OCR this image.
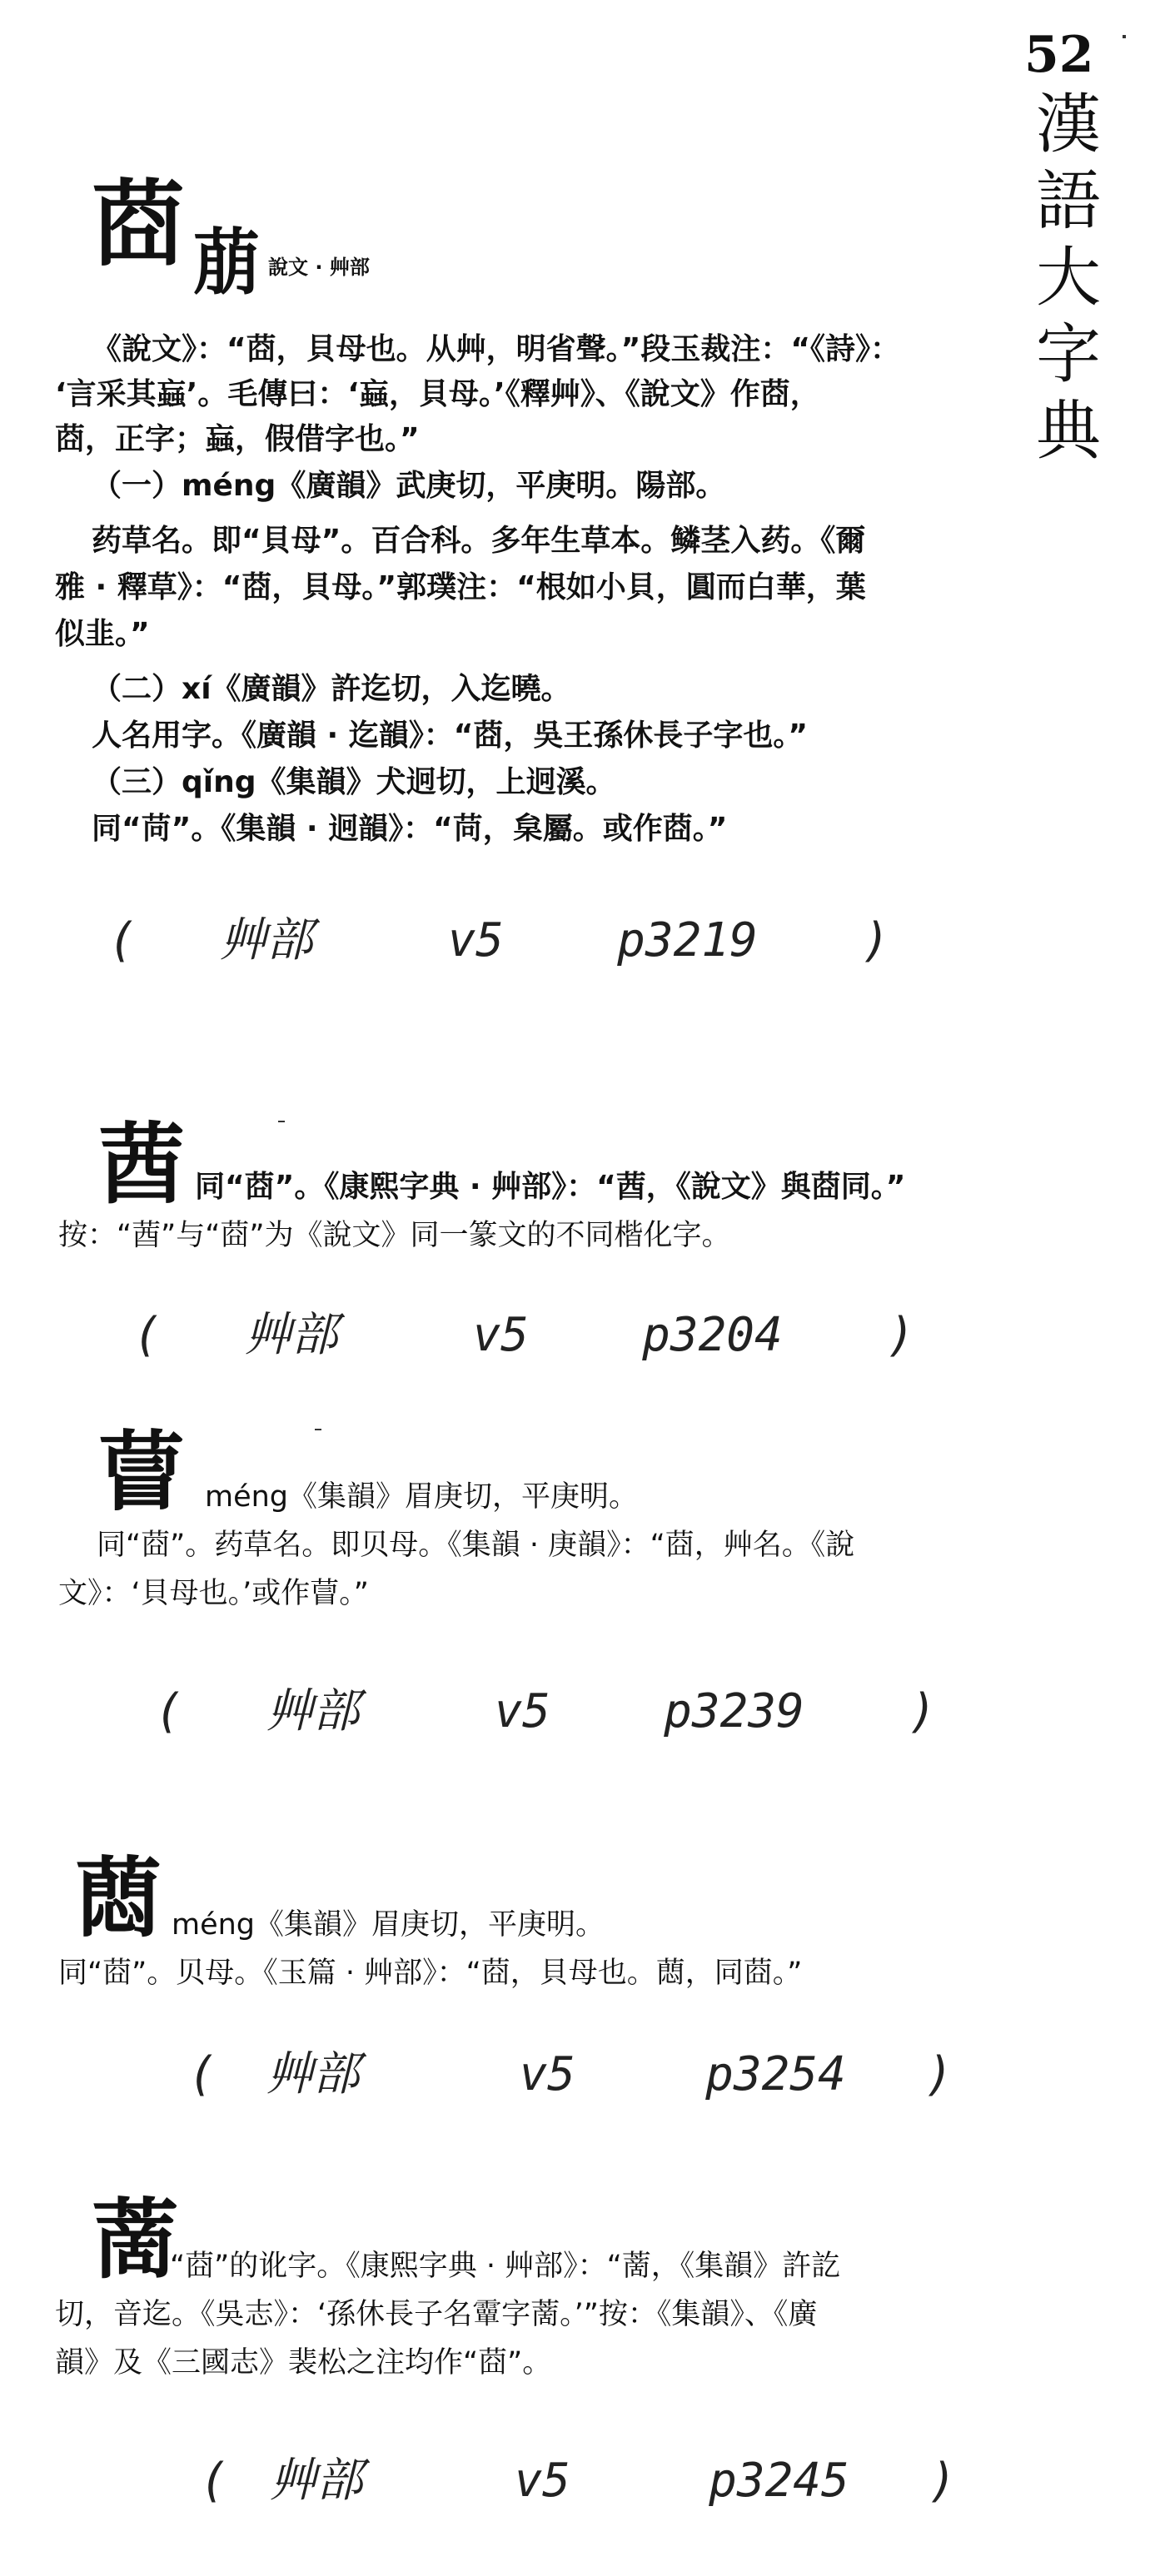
52
漢語大字典
莔 萠 說文 · 艸部
《說文》：“莔，貝母也。从艸，明省聲。”段玉裁注：“《詩》：
‘言采其蝱’。毛傳曰：‘蝱，貝母。’《釋艸》、《說文》作莔，
莔，正字；蝱，假借字也。”
（一）méng《廣韻》武庚切，平庚明。陽部。
药草名。即“貝母”。百合科。多年生草本。鳞茎入药。《爾
雅 · 釋草》：“莔，貝母。”郭璞注：“根如小貝，圓而白華，葉
似韭。”
（二）xí《廣韻》許迄切，入迄曉。
人名用字。《廣韻 · 迄韻》：“莔，吳王孫休長子字也。”
（三）qǐng《集韻》犬迥切，上迥溪。
同“苘”。《集韻 · 迥韻》：“苘，枲屬。或作莔。”
( 艸部	v5 p3219 )
莤 同“莔”。《康熙字典 · 艸部》：“莤，《說文》與莔同。”
按：“莤”与“莔”为《說文》同一篆文的不同楷化字。
( 艸部	v5 p3204 )
萺 méng《集韻》眉庚切，平庚明。
同“莔”。药草名。即贝母。《集韻 · 庚韻》：“莔，艸名。《說
文》：‘貝母也。’或作萺。”
( 艸部	v5 p3239 )
蕄 méng《集韻》眉庚切，平庚明。
同“莔”。贝母。《玉篇 · 艸部》：“莔，貝母也。蕄，同莔。”
( 艸部	v5	p3254 )
蔐
“莔”的讹字。《康熙字典 · 艸部》：“蔐，《集韻》許訖
切，音迄。《吳志》：‘孫休長子名𩅦字蔐。’”按：《集韻》、《廣
韻》及《三國志》裴松之注均作“莔”。
( 艸部	v5	p3245 )
